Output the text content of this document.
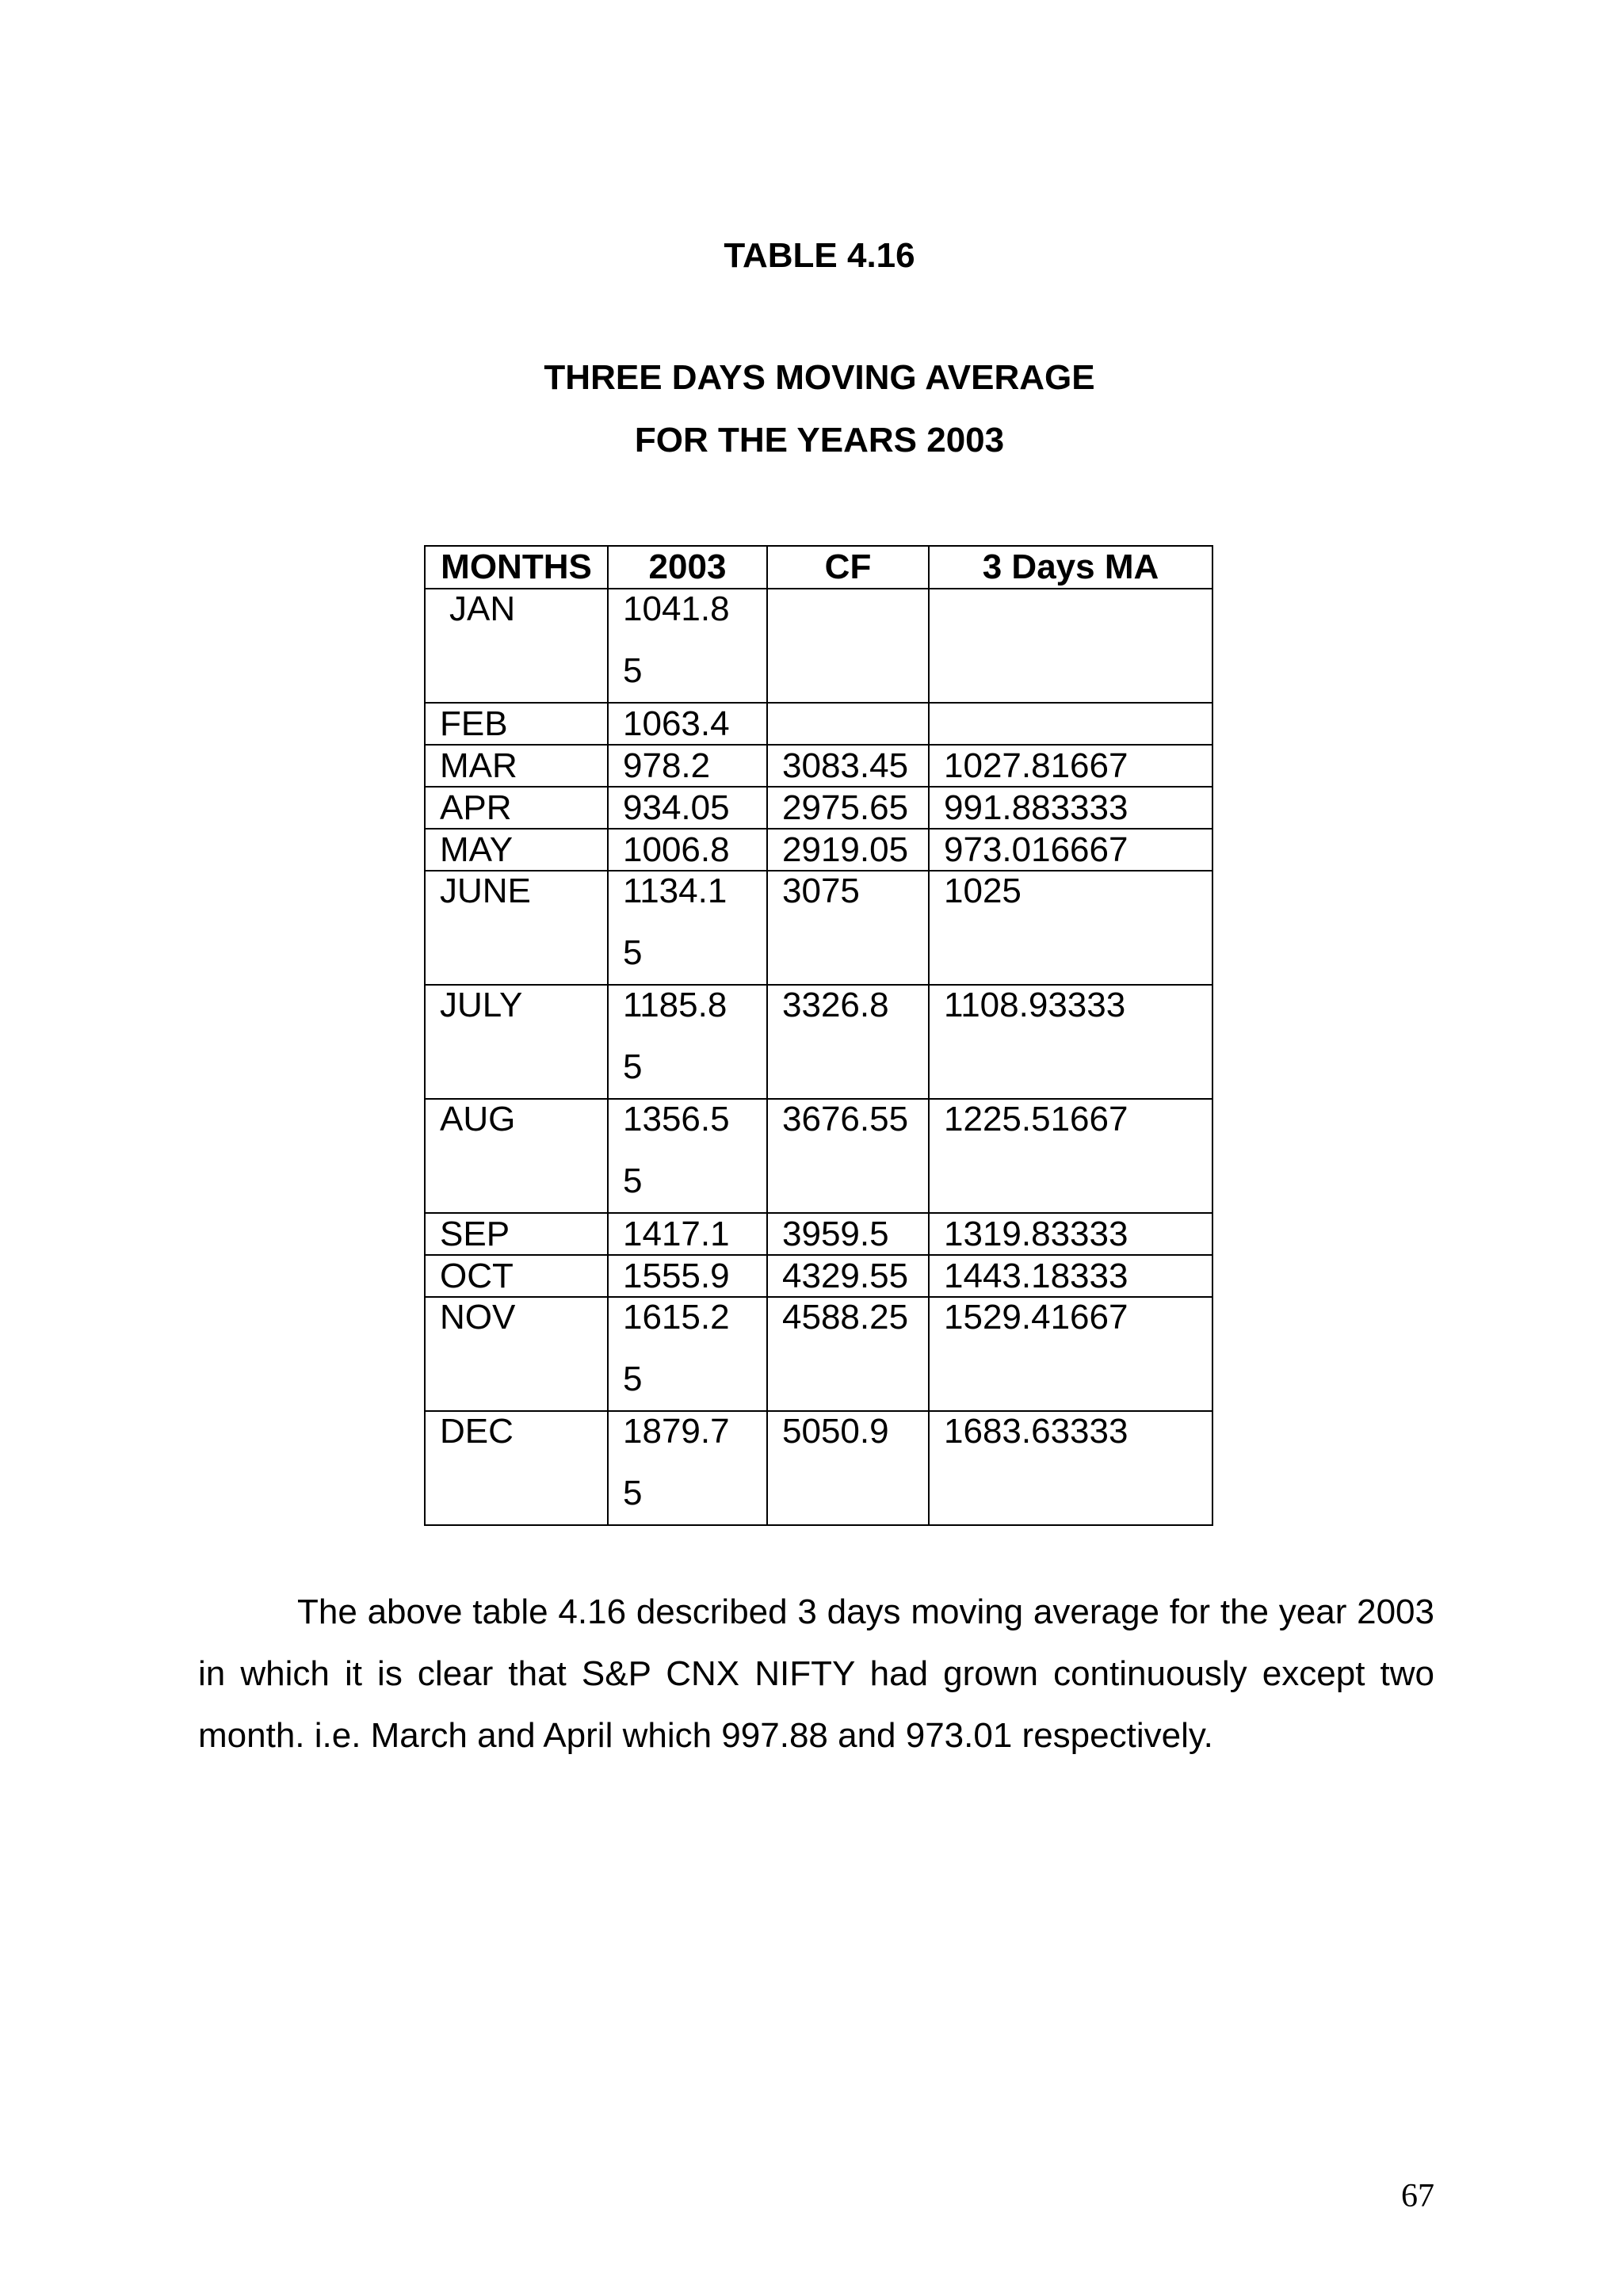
TABLE 4.16

THREE DAYS MOVING AVERAGE

FOR THE YEARS 2003

MONTHS	2003	CF	3 Days MA
JAN	1041.85		

FEB	1063.4		
MAR	978.2	3083.45	1027.81667
APR	934.05	2975.65	991.883333
MAY	1006.8	2919.05	973.016667
JUNE	1134.15	3075	1025
JULY	1185.85	3326.8	1108.93333
AUG	1356.55	3676.55	1225.51667
SEP	1417.1	3959.5	1319.83333
OCT	1555.9	4329.55	1443.18333
NOV	1615.25	4588.25	1529.41667
DEC	1879.75	5050.9	1683.63333

The above table 4.16 described 3 days moving average for the year 2003 in which it is clear that S&P CNX NIFTY had grown continuously except two month. i.e. March and April which 997.88 and 973.01 respectively.

67
